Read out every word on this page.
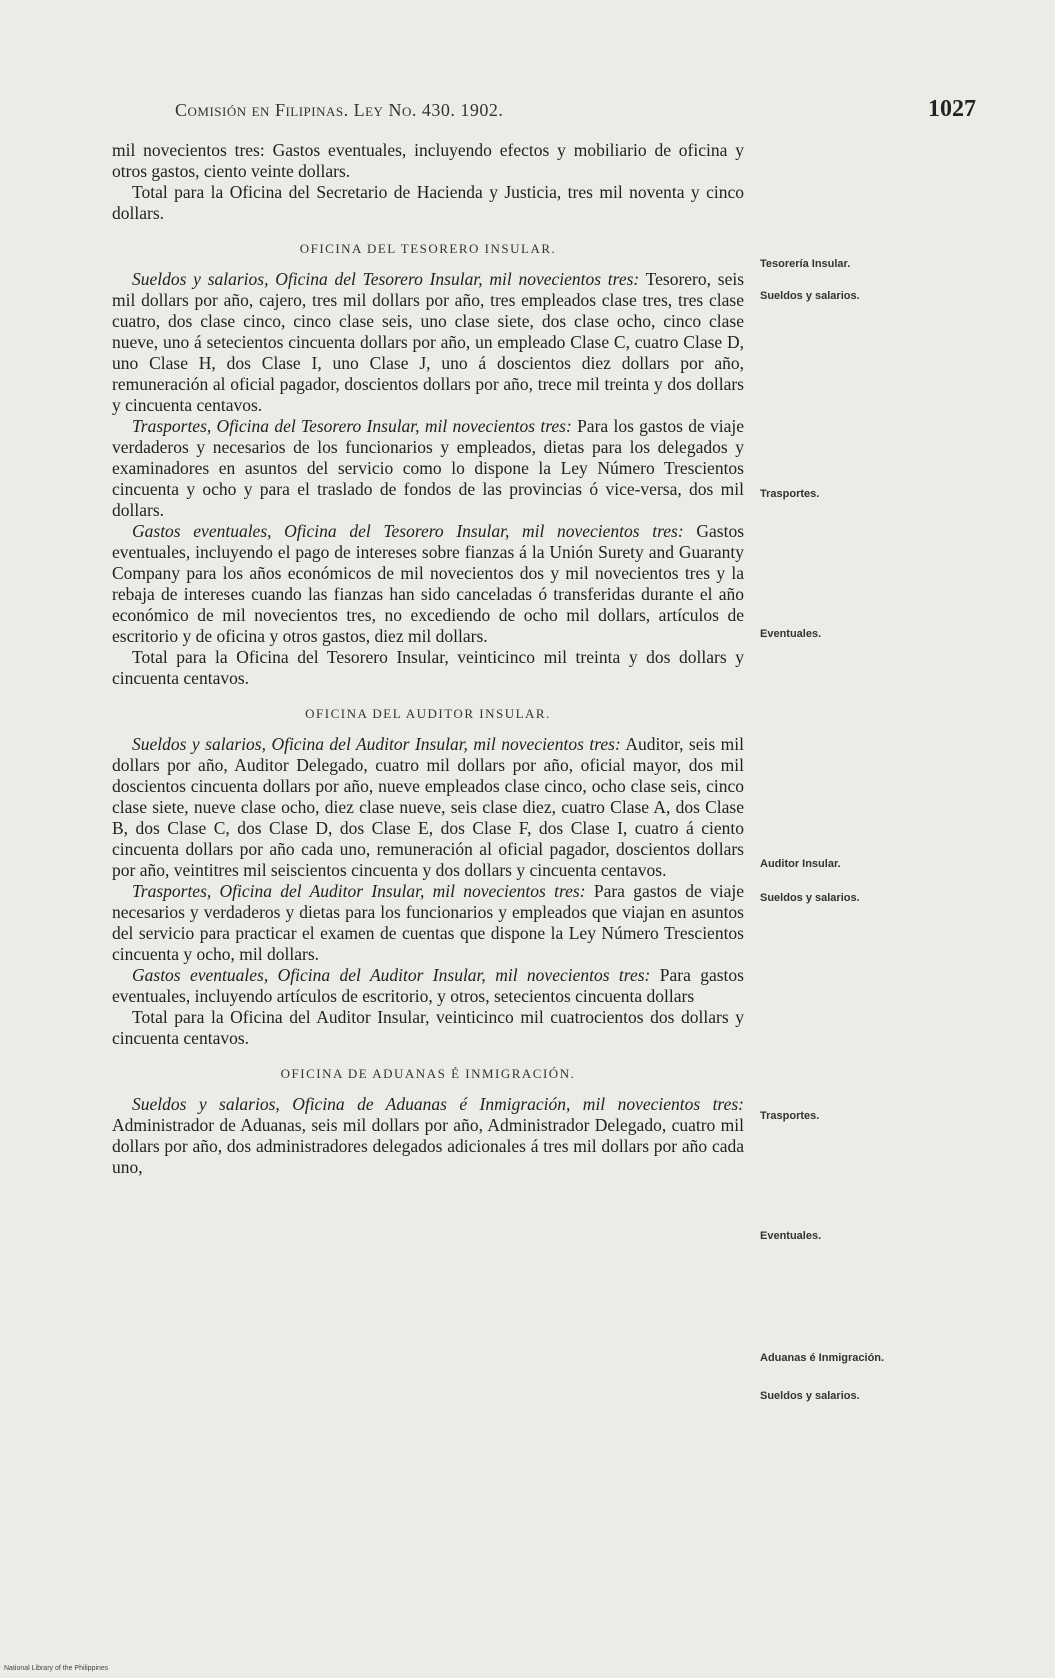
Comisión en Filipinas. Ley No. 430. 1902.	1027

mil novecientos tres: Gastos eventuales, incluyendo efectos y mobiliario de oficina y otros gastos, ciento veinte dollars.

Total para la Oficina del Secretario de Hacienda y Justicia, tres mil noventa y cinco dollars.

OFICINA DEL TESORERO INSULAR.

Sueldos y salarios, Oficina del Tesorero Insular, mil novecientos tres: Tesorero, seis mil dollars por año, cajero, tres mil dollars por año, tres empleados clase tres, tres clase cuatro, dos clase cinco, cinco clase seis, uno clase siete, dos clase ocho, cinco clase nueve, uno á setecientos cincuenta dollars por año, un empleado Clase C, cuatro Clase D, uno Clase H, dos Clase I, uno Clase J, uno á doscientos diez dollars por año, remuneración al oficial pagador, doscientos dollars por año, trece mil treinta y dos dollars y cincuenta centavos.

Trasportes, Oficina del Tesorero Insular, mil novecientos tres: Para los gastos de viaje verdaderos y necesarios de los funcionarios y empleados, dietas para los delegados y examinadores en asuntos del servicio como lo dispone la Ley Número Trescientos cincuenta y ocho y para el traslado de fondos de las provincias ó vice-versa, dos mil dollars.

Gastos eventuales, Oficina del Tesorero Insular, mil novecientos tres: Gastos eventuales, incluyendo el pago de intereses sobre fianzas á la Unión Surety and Guaranty Company para los años económicos de mil novecientos dos y mil novecientos tres y la rebaja de intereses cuando las fianzas han sido canceladas ó transferidas durante el año económico de mil novecientos tres, no excediendo de ocho mil dollars, artículos de escritorio y de oficina y otros gastos, diez mil dollars.

Total para la Oficina del Tesorero Insular, veinticinco mil treinta y dos dollars y cincuenta centavos.

OFICINA DEL AUDITOR INSULAR.

Sueldos y salarios, Oficina del Auditor Insular, mil novecientos tres: Auditor, seis mil dollars por año, Auditor Delegado, cuatro mil dollars por año, oficial mayor, dos mil doscientos cincuenta dollars por año, nueve empleados clase cinco, ocho clase seis, cinco clase siete, nueve clase ocho, diez clase nueve, seis clase diez, cuatro Clase A, dos Clase B, dos Clase C, dos Clase D, dos Clase E, dos Clase F, dos Clase I, cuatro á ciento cincuenta dollars por año cada uno, remuneración al oficial pagador, doscientos dollars por año, veintitres mil seiscientos cincuenta y dos dollars y cincuenta centavos.

Trasportes, Oficina del Auditor Insular, mil novecientos tres: Para gastos de viaje necesarios y verdaderos y dietas para los funcionarios y empleados que viajan en asuntos del servicio para practicar el examen de cuentas que dispone la Ley Número Trescientos cincuenta y ocho, mil dollars.

Gastos eventuales, Oficina del Auditor Insular, mil novecientos tres: Para gastos eventuales, incluyendo artículos de escritorio, y otros, setecientos cincuenta dollars

Total para la Oficina del Auditor Insular, veinticinco mil cuatrocientos dos dollars y cincuenta centavos.

OFICINA DE ADUANAS É INMIGRACIÓN.

Sueldos y salarios, Oficina de Aduanas é Inmigración, mil novecientos tres: Administrador de Aduanas, seis mil dollars por año, Administrador Delegado, cuatro mil dollars por año, dos administradores delegados adicionales á tres mil dollars por año cada uno,

Tesorería Insular.
Sueldos y salarios.
Trasportes.
Eventuales.
Auditor Insular.
Sueldos y salarios.
Trasportes.
Eventuales.
Aduanas é Inmigración.
Sueldos y salarios.
National Library of the Philippines
